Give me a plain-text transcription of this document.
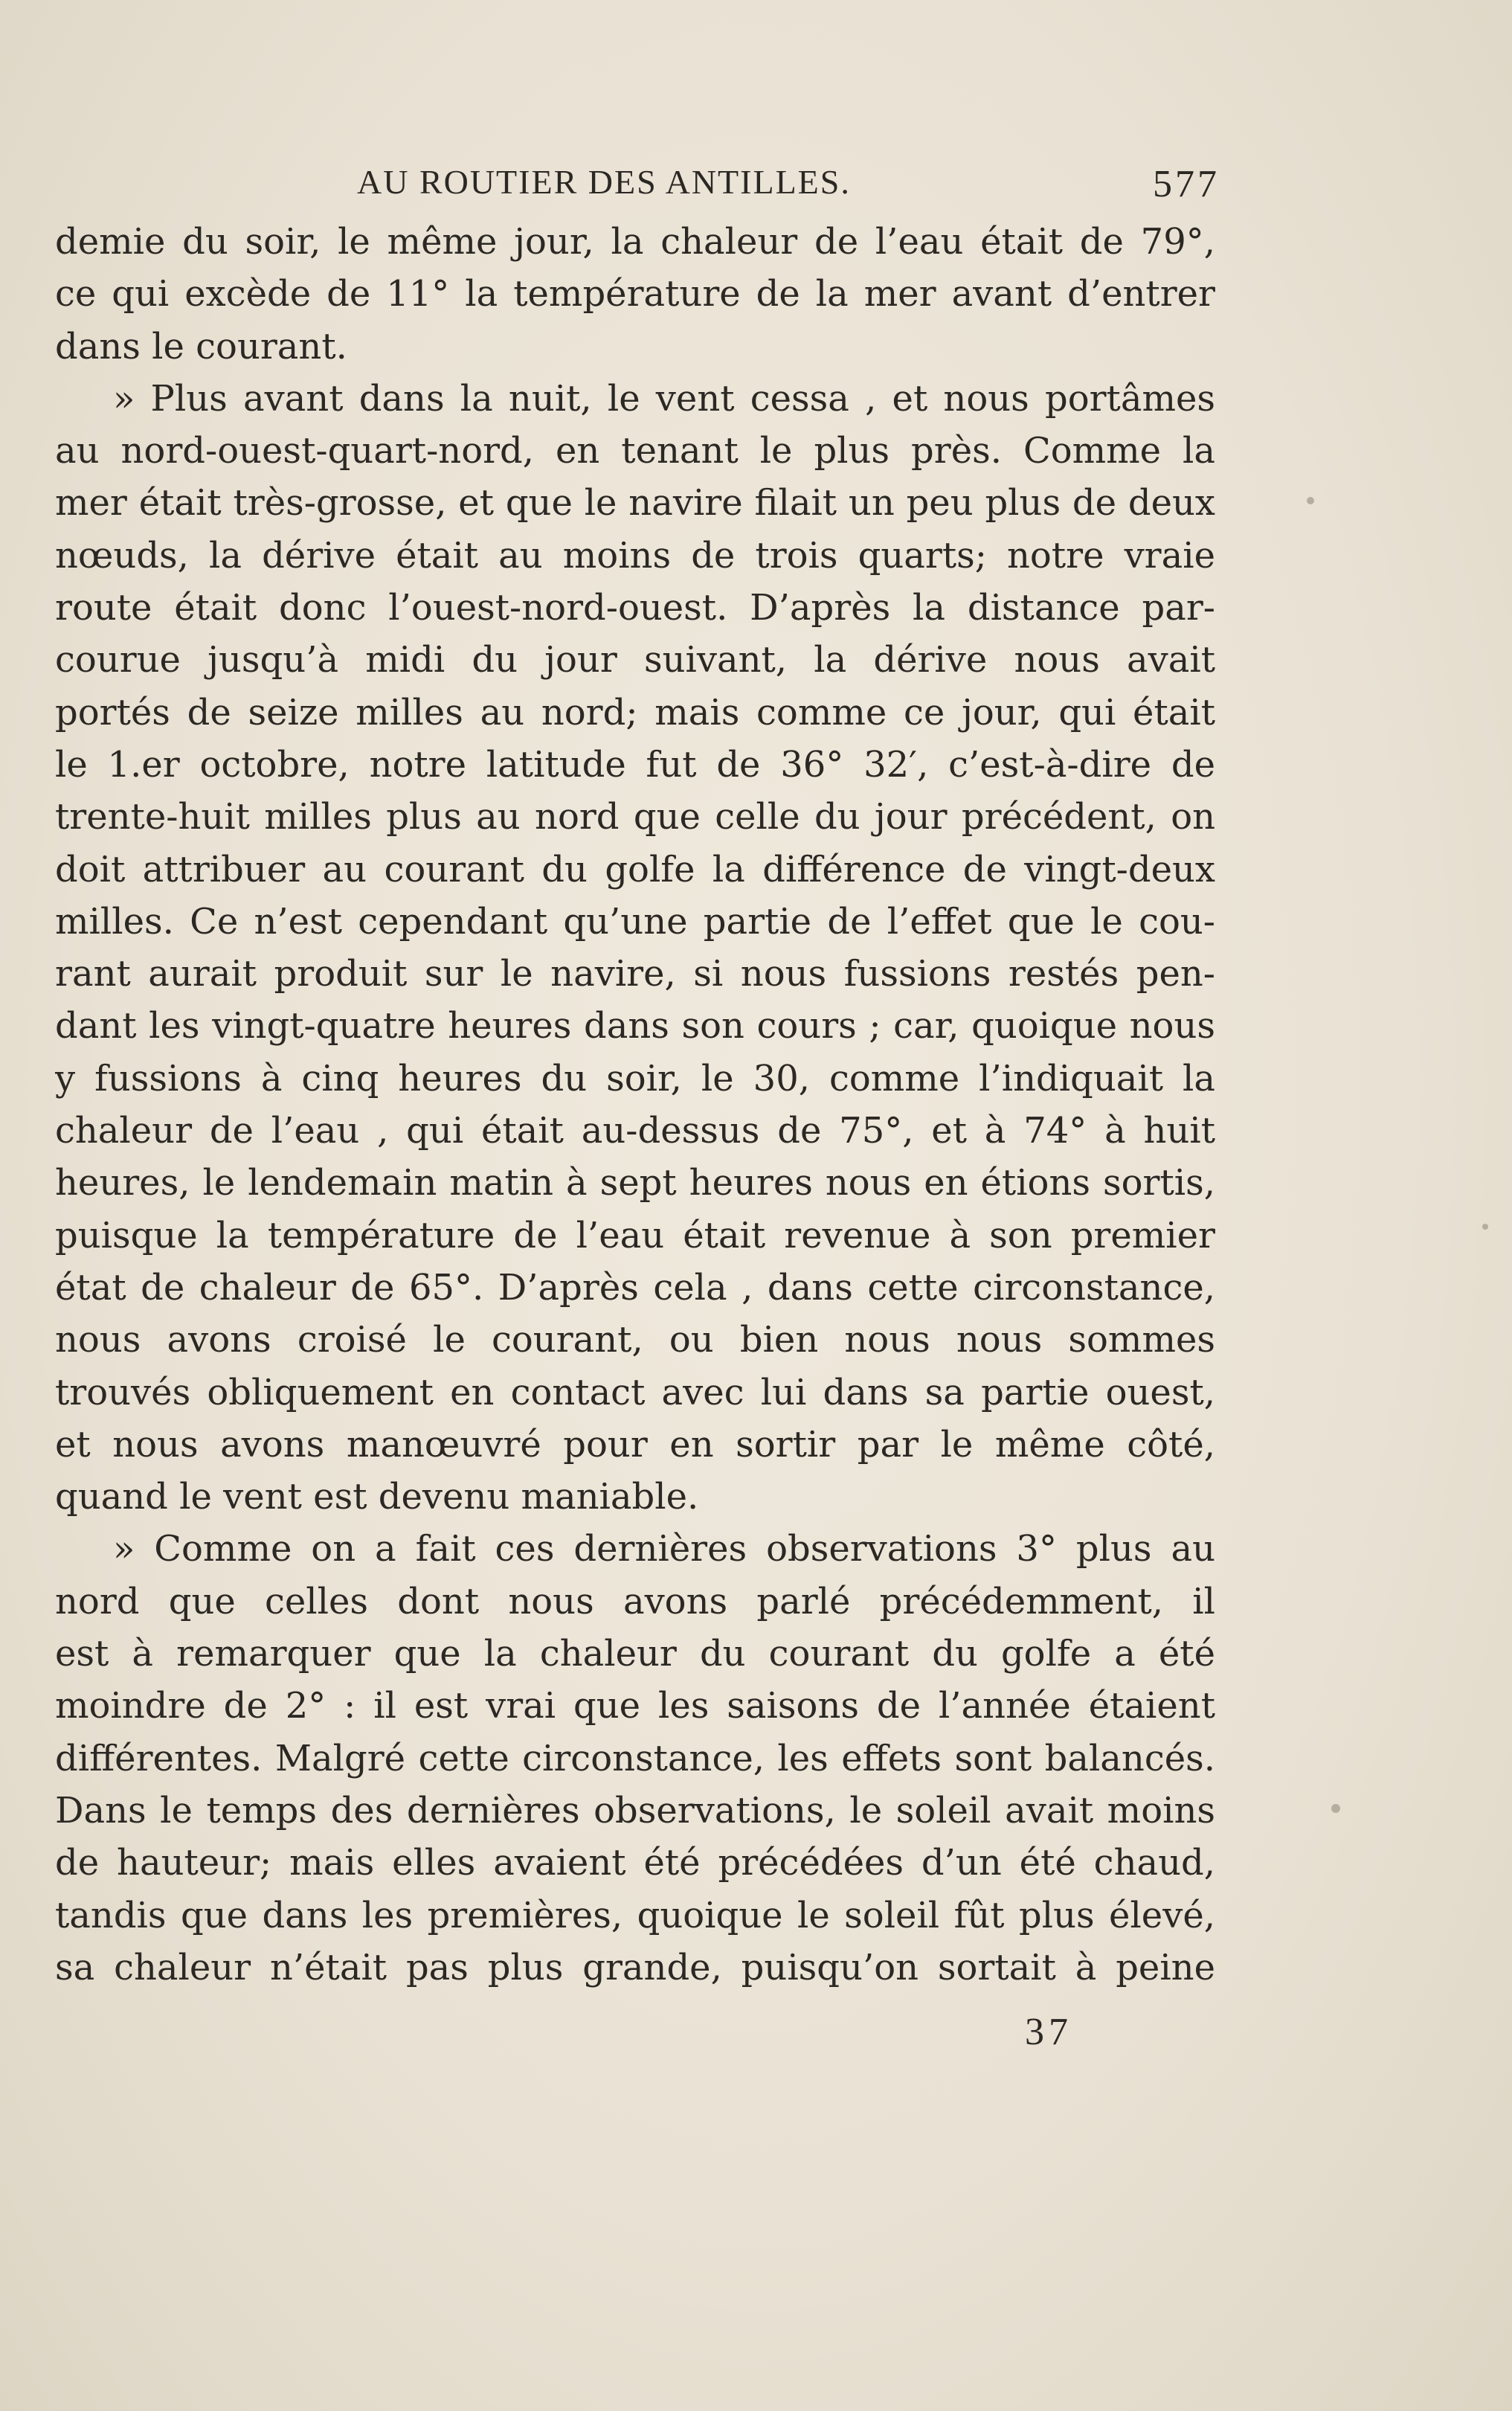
AU ROUTIER DES ANTILLES.	577
demie du soir, le même jour, la chaleur de l’eau était de 79°,
ce qui excède de 11° la température de la mer avant d’entrer
dans le courant.
» Plus avant dans la nuit, le vent cessa , et nous portâmes
au nord-ouest-quart-nord, en tenant le plus près. Comme la
mer était très-grosse, et que le navire filait un peu plus de deux
nœuds, la dérive était au moins de trois quarts; notre vraie
route était donc l’ouest-nord-ouest. D’après la distance par-
courue jusqu’à midi du jour suivant, la dérive nous avait
portés de seize milles au nord; mais comme ce jour, qui était
le 1.er octobre, notre latitude fut de 36° 32′, c’est-à-dire de
trente-huit milles plus au nord que celle du jour précédent, on
doit attribuer au courant du golfe la différence de vingt-deux
milles. Ce n’est cependant qu’une partie de l’effet que le cou-
rant aurait produit sur le navire, si nous fussions restés pen-
dant les vingt-quatre heures dans son cours ; car, quoique nous
y fussions à cinq heures du soir, le 30, comme l’indiquait la
chaleur de l’eau , qui était au-dessus de 75°, et à 74° à huit
heures, le lendemain matin à sept heures nous en étions sortis,
puisque la température de l’eau était revenue à son premier
état de chaleur de 65°. D’après cela , dans cette circonstance,
nous avons croisé le courant, ou bien nous nous sommes
trouvés obliquement en contact avec lui dans sa partie ouest,
et nous avons manœuvré pour en sortir par le même côté,
quand le vent est devenu maniable.
» Comme on a fait ces dernières observations 3° plus au
nord que celles dont nous avons parlé précédemment, il
est à remarquer que la chaleur du courant du golfe a été
moindre de 2° : il est vrai que les saisons de l’année étaient
différentes. Malgré cette circonstance, les effets sont balancés.
Dans le temps des dernières observations, le soleil avait moins
de hauteur; mais elles avaient été précédées d’un été chaud,
tandis que dans les premières, quoique le soleil fût plus élevé,
sa chaleur n’était pas plus grande, puisqu’on sortait à peine
37
